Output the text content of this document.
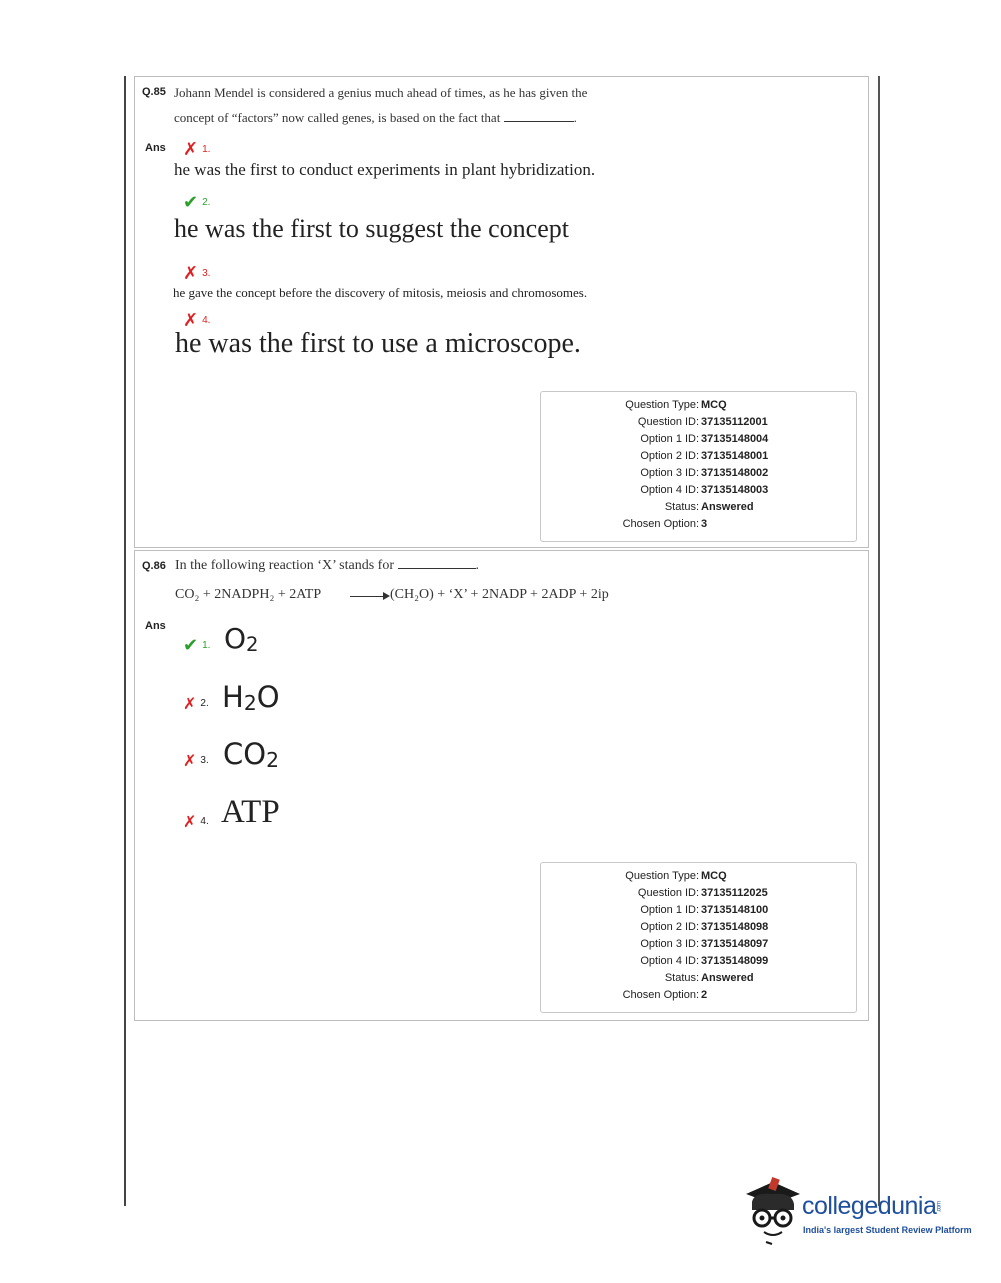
Q.85 Johann Mendel is considered a genius much ahead of times, as he has given the
concept of “factors” now called genes, is based on the fact that	.
Ans ✗ 1.
he was the first to conduct experiments in plant hybridization.
✔ 2.
he was the first to suggest the concept
✗ 3.
he gave the concept before the discovery of mitosis, meiosis and chromosomes.
✗ 4.
he was the first to use a microscope.
Question Type : MCQ
Question ID : 37135112001
Option 1 ID : 37135148004
Option 2 ID : 37135148001
Option 3 ID : 37135148002
Option 4 ID : 37135148003
Status : Answered
Chosen Option : 3
Q.86 In the following reaction ‘X’ stands for	.
CO₂ + 2NADPH₂ + 2ATP	(CH₂O) + ‘X’ + 2NADP + 2ADP + 2ip
Ans
✔ 1. O2
✗ 2. H2O
✗ 3. CO2
✗ 4. ATP
Question Type : MCQ
Question ID : 37135112025
Option 1 ID : 37135148100
Option 2 ID : 37135148098
Option 3 ID : 37135148097
Option 4 ID : 37135148099
Status : Answered
Chosen Option : 2
collegedunia.com
India's largest Student Review Platform
